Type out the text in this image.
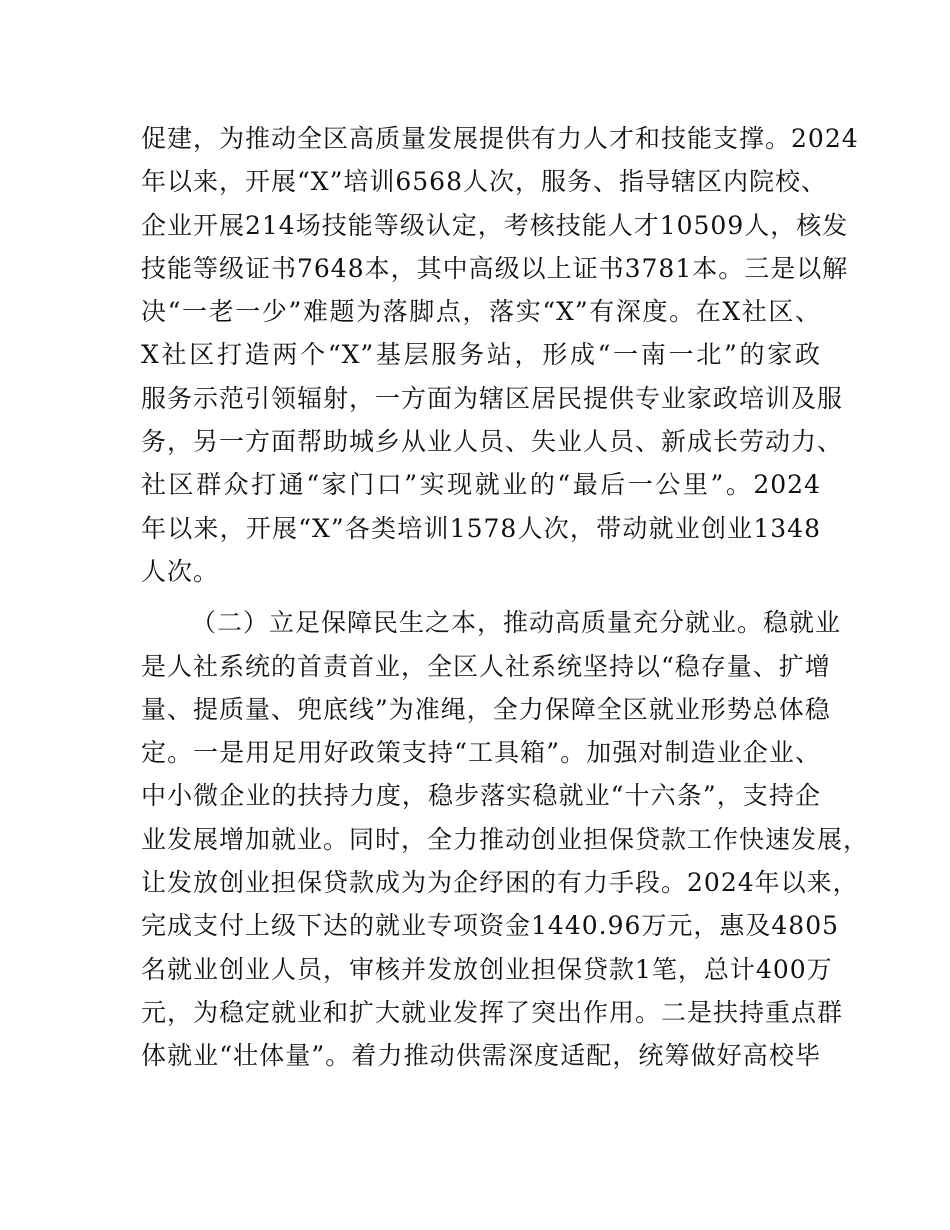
促建，为推动全区高质量发展提供有力人才和技能支撑。2024
年以来，开展“X”培训6568人次，服务、指导辖区内院校、
企业开展214场技能等级认定，考核技能人才10509人，核发
技能等级证书7648本，其中高级以上证书3781本。三是以解
决“一老一少”难题为落脚点，落实“X”有深度。在X社区、
X社区打造两个“X”基层服务站，形成“一南一北”的家政
服务示范引领辐射，一方面为辖区居民提供专业家政培训及服
务，另一方面帮助城乡从业人员、失业人员、新成长劳动力、
社区群众打通“家门口”实现就业的“最后一公里”。2024
年以来，开展“X”各类培训1578人次，带动就业创业1348
人次。
（二）立足保障民生之本，推动高质量充分就业。稳就业
是人社系统的首责首业，全区人社系统坚持以“稳存量、扩增
量、提质量、兜底线”为准绳，全力保障全区就业形势总体稳
定。一是用足用好政策支持“工具箱”。加强对制造业企业、
中小微企业的扶持力度，稳步落实稳就业“十六条”，支持企
业发展增加就业。同时，全力推动创业担保贷款工作快速发展，
让发放创业担保贷款成为为企纾困的有力手段。2024年以来，
完成支付上级下达的就业专项资金1440.96万元，惠及4805
名就业创业人员，审核并发放创业担保贷款1笔，总计400万
元，为稳定就业和扩大就业发挥了突出作用。二是扶持重点群
体就业“壮体量”。着力推动供需深度适配，统筹做好高校毕
